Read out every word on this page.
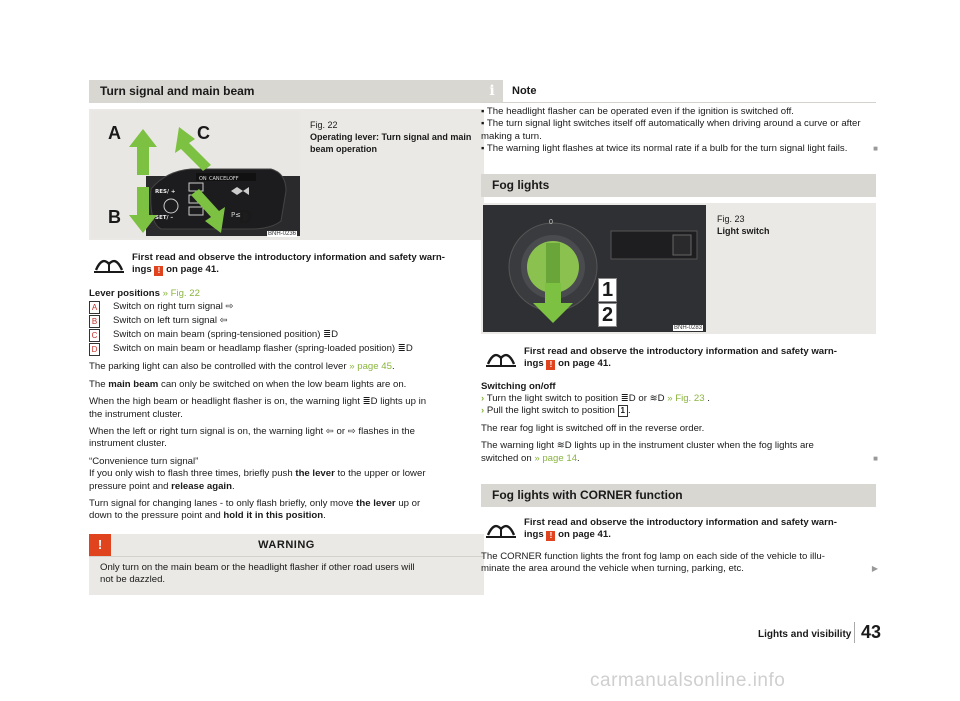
Turn signal and main beam
ON CANCEL OFF
RES/ +
SET/ –	P≤
A
B
C
D
BNH-0236
Fig. 22
Operating lever: Turn signal and main beam operation
First read and observe the introductory information and safety warn-
ings ! on page 41.

Lever positions » Fig. 22

A Switch on right turn signal ⇨
B Switch on left turn signal ⇦
C Switch on main beam (spring-tensioned position) ≣D
D Switch on main beam or headlamp flasher (spring-loaded position) ≣D

The parking light can also be controlled with the control lever » page 45.

The main beam can only be switched on when the low beam lights are on.

When the high beam or headlight flasher is on, the warning light ≣D lights up in
the instrument cluster.

When the left or right turn signal is on, the warning light ⇦ or ⇨ flashes in the
instrument cluster.

“Convenience turn signal”
If you only wish to flash three times, briefly push the lever to the upper or lower
pressure point and release again.

Turn signal for changing lanes - to only flash briefly, only move the lever up or
down to the pressure point and hold it in this position.

WARNING
!
Only turn on the main beam or the headlight flasher if other road users will
not be dazzled.
i	Note
▪ The headlight flasher can be operated even if the ignition is switched off.
▪ The turn signal light switches itself off automatically when driving around a curve or after making a turn.
▪ The warning light flashes at twice its normal rate if a bulb for the turn signal light fails.	■
Fog lights
0
1
2
BNH-0283
Fig. 23
Light switch
First read and observe the introductory information and safety warn-
ings ! on page 41.

Switching on/off

› Turn the light switch to position ≣D or ≋D » Fig. 23 .
› Pull the light switch to position 1 .

The rear fog light is switched off in the reverse order.

The warning light ≋D lights up in the instrument cluster when the fog lights are
switched on » page 14.	■

Fog lights with CORNER function
First read and observe the introductory information and safety warn-
ings ! on page 41.

The CORNER function lights the front fog lamp on each side of the vehicle to illu-
minate the area around the vehicle when turning, parking, etc.	▶

Lights and visibility 43
carmanualsonline.info
